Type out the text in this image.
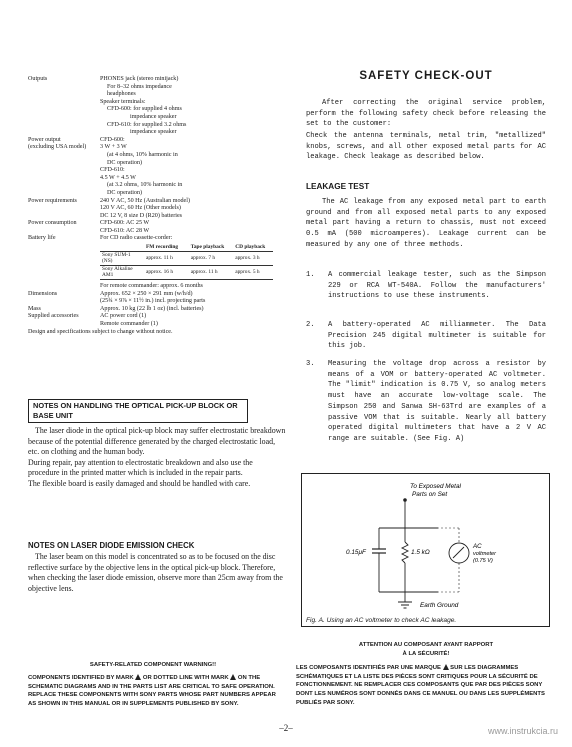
Outputs	PHONES jack (stereo minijack)
For 8–32 ohms impedance
headphones
Speaker terminals:
CFD-600: for supplied 4 ohms
impedance speaker
CFD-610: for supplied 3.2 ohms
impedance speaker
Power output	CFD-600:
(excluding USA model)	3 W + 3 W
(at 4 ohms, 10% harmonic in
DC operation)
CFD-610:
4.5 W + 4.5 W
(at 3.2 ohms, 10% harmonic in
DC operation)
Power requirements	240 V AC, 50 Hz (Australian model)
120 V AC, 60 Hz (Other models)
DC 12 V, 8 size D (R20) batteries
Power consumption	CFD-600: AC 25 W
CFD-610: AC 28 W
Battery life	For CD radio cassette-corder:
	FM recording	Tape playback	CD playback
Sony SUM-1 (NS)	approx. 11 h	approx. 7 h	approx. 3 h
Sony Alkaline AM1	approx. 16 h	approx. 11 h	approx. 5 h
For remote commander: approx. 6 months
Dimensions	Approx. 652 × 250 × 291 mm (w/h/d)
(25¾ × 9⅞ × 11½ in.) incl. projecting parts
Mass	Approx. 10 kg (22 lb 1 oz) (incl. batteries)
Supplied accessories	AC power cord (1)
Remote commander (1)
Design and specifications subject to change without notice.
NOTES ON HANDLING THE OPTICAL PICK-UP BLOCK OR BASE UNIT
The laser diode in the optical pick-up block may suffer electrostatic breakdown because of the potential difference generated by the charged electrostatic load, etc. on clothing and the human body.
During repair, pay attention to electrostatic breakdown and also use the procedure in the printed matter which is included in the repair parts.
The flexible board is easily damaged and should be handled with care.
NOTES ON LASER DIODE EMISSION CHECK
The laser beam on this model is concentrated so as to be focused on the disc reflective surface by the objective lens in the optical pick-up block. Therefore, when checking the laser diode emission, observe more than 25cm away from the objective lens.
SAFETY CHECK-OUT
After correcting the original service problem, perform the following safety check before releasing the set to the customer:
Check the antenna terminals, metal trim, "metallized" knobs, screws, and all other exposed metal parts for AC leakage. Check leakage as described below.
LEAKAGE TEST
The AC leakage from any exposed metal part to earth ground and from all exposed metal parts to any exposed metal part having a return to chassis, must not exceed 0.5 mA (500 microamperes). Leakage current can be measured by any one of three methods.
1. A commercial leakage tester, such as the Simpson 229 or RCA WT-540A. Follow the manufacturers' instructions to use these instruments.
2. A battery-operated AC milliammeter. The Data Precision 245 digital multimeter is suitable for this job.
3. Measuring the voltage drop across a resistor by means of a VOM or battery-operated AC voltmeter. The "limit" indication is 0.75 V, so analog meters must have an accurate low-voltage scale. The Simpson 250 and Sanwa SH-63Trd are examples of a passive VOM that is suitable. Nearly all battery operated digital multimeters that have a 2 V AC range are suitable. (See Fig. A)
To Exposed Metal
Parts on Set
0.15μF	1.5 kΩ
AC
voltmeter
(0.75 V)
Earth Ground
Fig. A. Using an AC voltmeter to check AC leakage.
SAFETY-RELATED COMPONENT WARNING!!
COMPONENTS IDENTIFIED BY MARK OR DOTTED LINE WITH MARK ON THE SCHEMATIC DIAGRAMS AND IN THE PARTS LIST ARE CRITICAL TO SAFE OPERATION. REPLACE THESE COMPONENTS WITH SONY PARTS WHOSE PART NUMBERS APPEAR AS SHOWN IN THIS MANUAL OR IN SUPPLEMENTS PUBLISHED BY SONY.
ATTENTION AU COMPOSANT AYANT RAPPORT
À LA SÉCURITÉ!
LES COMPOSANTS IDENTIFIÉS PAR UNE MARQUE SUR LES DIAGRAMMES SCHÉMATIQUES ET LA LISTE DES PIÈCES SONT CRITIQUES POUR LA SÉCURITÉ DE FONCTIONNEMENT. NE REMPLACER CES COMPOSANTS QUE PAR DES PIÈCES SONY DONT LES NUMÉROS SONT DONNÉS DANS CE MANUEL OU DANS LES SUPPLÉMENTS PUBLIÉS PAR SONY.
–2–	www.instrukcia.ru
